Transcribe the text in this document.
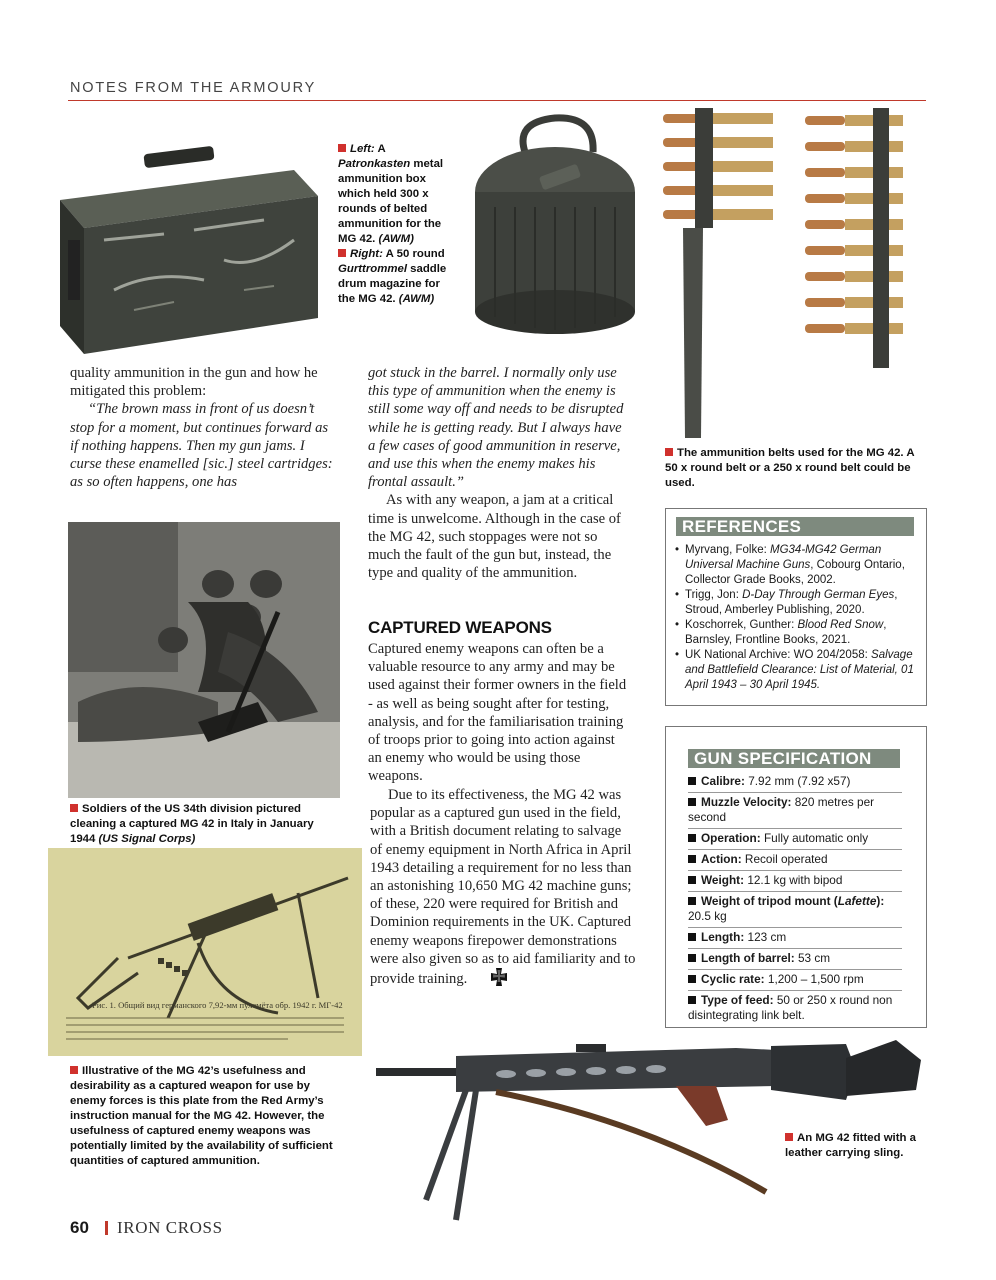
NOTES FROM THE ARMOURY
Left: A Patronkasten metal ammunition box which held 300 x rounds of belted ammunition for the MG 42. (AWM)
Right: A 50 round Gurttrommel saddle drum magazine for the MG 42. (AWM)
The ammunition belts used for the MG 42. A 50 x round belt or a 250 x round belt could be used.

quality ammunition in the gun and how he mitigated this problem:

“The brown mass in front of us doesn’t stop for a moment, but continues forward as if nothing happens. Then my gun jams. I curse these enamelled [sic.] steel cartridges: as so often happens, one has

got stuck in the barrel. I normally only use this type of ammunition when the enemy is still some way off and needs to be disrupted while he is getting ready. But I always have a few cases of good ammunition in reserve, and use this when the enemy makes his frontal assault.”

As with any weapon, a jam at a critical time is unwelcome. Although in the case of the MG 42, such stoppages were not so much the fault of the gun but, instead, the type and quality of the ammunition.

Soldiers of the US 34th division pictured cleaning a captured MG 42 in Italy in January 1944 (US Signal Corps)
Рис. 1. Общий вид германского 7,92-мм пулемёта обр. 1942 г. МГ-42
Illustrative of the MG 42’s usefulness and desirability as a captured weapon for use by enemy forces is this plate from the Red Army’s instruction manual for the MG 42. However, the usefulness of captured enemy weapons was potentially limited by the availability of sufficient quantities of captured ammunition.
CAPTURED WEAPONS

Captured enemy weapons can often be a valuable resource to any army and may be used against their former owners in the field - as well as being sought after for testing, analysis, and for the familiarisation training of troops prior to going into action against an enemy who would be using those weapons.

Due to its effectiveness, the MG 42 was popular as a captured gun used in the field, with a British document relating to salvage of enemy equipment in North Africa in April 1943 detailing a requirement for no less than an astonishing 10,650 MG 42 machine guns; of these, 220 were required for British and Dominion requirements in the UK. Captured enemy weapons firepower demonstrations were also given so as to aid familiarity and to provide training.

REFERENCES
• Myrvang, Folke: MG34-MG42 German Universal Machine Guns, Cobourg Ontario, Collector Grade Books, 2002.
• Trigg, Jon: D-Day Through German Eyes, Stroud, Amberley Publishing, 2020.
• Koschorrek, Gunther: Blood Red Snow, Barnsley, Frontline Books, 2021.
• UK National Archive: WO 204/2058: Salvage and Battlefield Clearance: List of Material, 01 April 1943 – 30 April 1945.
GUN SPECIFICATION
Calibre: 7.92 mm (7.92 x57)
Muzzle Velocity: 820 metres per second
Operation: Fully automatic only
Action: Recoil operated
Weight: 12.1 kg with bipod
Weight of tripod mount (Lafette): 20.5 kg
Length: 123 cm
Length of barrel: 53 cm
Cyclic rate: 1,200 – 1,500 rpm
Type of feed: 50 or 250 x round non disintegrating link belt.
An MG 42 fitted with a leather carrying sling.
60 IRON CROSS
